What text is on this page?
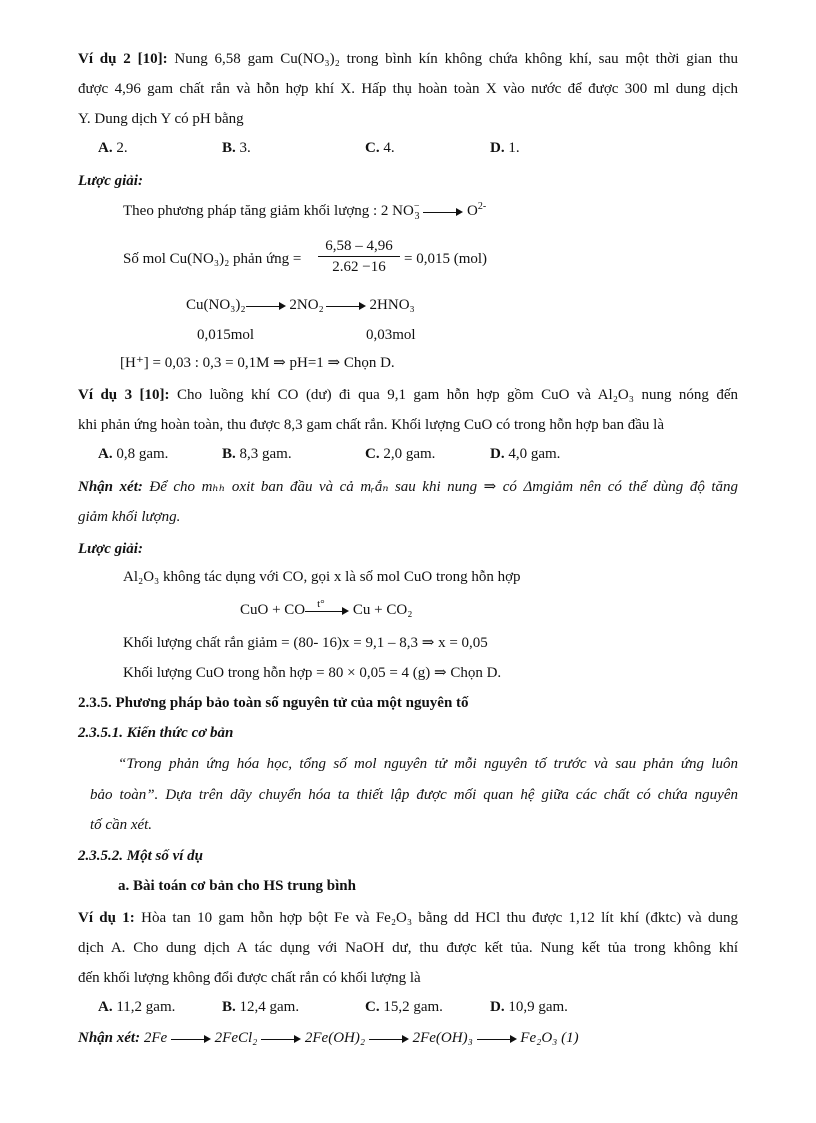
Ví dụ 2 [10]: Nung 6,58 gam Cu(NO₃)₂ trong bình kín không chứa không khí, sau một thời gian thu
được 4,96 gam chất rắn và hỗn hợp khí X. Hấp thụ hoàn toàn X vào nước để được 300 ml dung dịch
Y. Dung dịch Y có pH bằng
A. 2.	B. 3.	C. 4.	D. 1.
Lược giải:
Theo phương pháp tăng giảm khối lượng : 2 $NO^-_3$	$O^{2-}$
Số mol Cu(NO₃)₂ phản ứng = $\frac{6,58 - 4,96}{2.62 -16} = 0,015$ (mol)
Cu(NO₃)₂	2NO₂	2HNO₃
0,015mol	0,03mol
[H⁺] = 0,03 : 0,3 = 0,1M ⇒ pH=1 ⇒ Chọn D.
Ví dụ 3 [10]: Cho luồng khí CO (dư) đi qua 9,1 gam hỗn hợp gồm CuO và Al₂O₃ nung nóng đến
khi phản ứng hoàn toàn, thu được 8,3 gam chất rắn. Khối lượng CuO có trong hỗn hợp ban đầu là
A. 0,8 gam.	B. 8,3 gam.	C. 2,0 gam.	D. 4,0 gam.
Nhận xét: Để cho mₕₕ oxit ban đầu và cả mᵣắₙ sau khi nung ⇒ có Δmgiảm nên có thể dùng độ tăng
giảm khối lượng.
Lược giải:
Al₂O₃ không tác dụng với CO, gọi x là số mol CuO trong hỗn hợp
CuO + CO t° Cu + CO₂
Khối lượng chất rắn giảm = (80- 16)x = 9,1 – 8,3 ⇒ x = 0,05
Khối lượng CuO trong hỗn hợp = 80 × 0,05 = 4 (g) ⇒ Chọn D.
2.3.5. Phương pháp bảo toàn số nguyên tử của một nguyên tố
2.3.5.1. Kiến thức cơ bản
“Trong phản ứng hóa học, tổng số mol nguyên tử mỗi nguyên tố trước và sau phản ứng luôn
bảo toàn”. Dựa trên dãy chuyển hóa ta thiết lập được mối quan hệ giữa các chất có chứa nguyên
tố cần xét.
2.3.5.2. Một số ví dụ
a. Bài toán cơ bản cho HS trung bình
Ví dụ 1: Hòa tan 10 gam hỗn hợp bột Fe và Fe₂O₃ bằng dd HCl thu được 1,12 lít khí (đktc) và dung
dịch A. Cho dung dịch A tác dụng với NaOH dư, thu được kết tủa. Nung kết tủa trong không khí
đến khối lượng không đổi được chất rắn có khối lượng là
A. 11,2 gam.	B. 12,4 gam.	C. 15,2 gam.	D. 10,9 gam.
Nhận xét: 2Fe	2FeCl₂	2Fe(OH)₂	2Fe(OH)₃	Fe₂O₃ (1)
